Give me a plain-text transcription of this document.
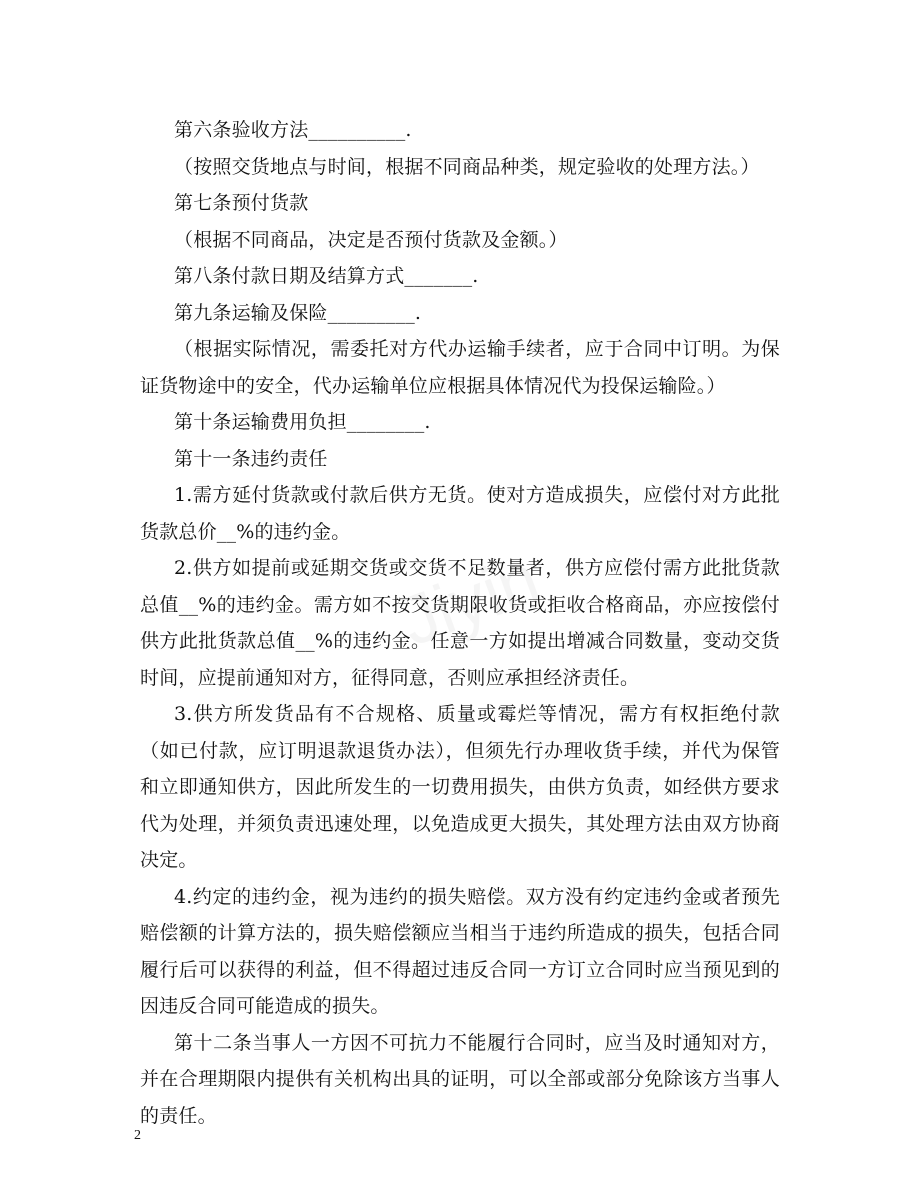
第六条验收方法__________.

（按照交货地点与时间，根据不同商品种类，规定验收的处理方法。）

第七条预付货款

（根据不同商品，决定是否预付货款及金额。）

第八条付款日期及结算方式_______.

第九条运输及保险_________.

（根据实际情况，需委托对方代办运输手续者，应于合同中订明。为保证货物途中的安全，代办运输单位应根据具体情况代为投保运输险。）

第十条运输费用负担________.

第十一条违约责任

1.需方延付货款或付款后供方无货。使对方造成损失，应偿付对方此批货款总价__%的违约金。

2.供方如提前或延期交货或交货不足数量者，供方应偿付需方此批货款总值__%的违约金。需方如不按交货期限收货或拒收合格商品，亦应按偿付供方此批货款总值__%的违约金。任意一方如提出增减合同数量，变动交货时间，应提前通知对方，征得同意，否则应承担经济责任。

3.供方所发货品有不合规格、质量或霉烂等情况，需方有权拒绝付款（如已付款，应订明退款退货办法），但须先行办理收货手续，并代为保管和立即通知供方，因此所发生的一切费用损失，由供方负责，如经供方要求代为处理，并须负责迅速处理，以免造成更大损失，其处理方法由双方协商决定。

4.约定的违约金，视为违约的损失赔偿。双方没有约定违约金或者预先赔偿额的计算方法的，损失赔偿额应当相当于违约所造成的损失，包括合同履行后可以获得的利益，但不得超过违反合同一方订立合同时应当预见到的因违反合同可能造成的损失。

第十二条当事人一方因不可抗力不能履行合同时，应当及时通知对方，并在合理期限内提供有关机构出具的证明，可以全部或部分免除该方当事人的责任。

2
